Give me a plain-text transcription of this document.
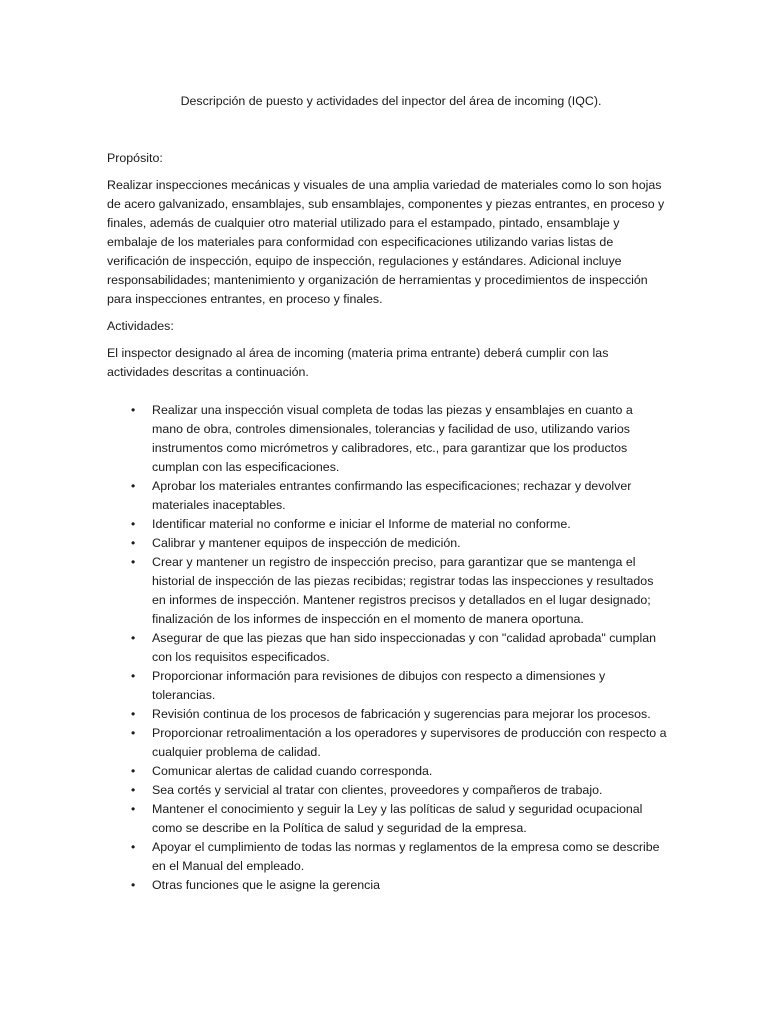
Descripción de puesto y actividades del inpector del área de incoming (IQC).

Propósito:

Realizar inspecciones mecánicas y visuales de una amplia variedad de materiales como lo son hojas de acero galvanizado, ensamblajes, sub ensamblajes, componentes y piezas entrantes, en proceso y finales, además de cualquier otro material utilizado para el estampado, pintado, ensamblaje y embalaje de los materiales para conformidad con especificaciones utilizando varias listas de verificación de inspección, equipo de inspección, regulaciones y estándares. Adicional incluye responsabilidades; mantenimiento y organización de herramientas y procedimientos de inspección para inspecciones entrantes, en proceso y finales.

Actividades:

El inspector designado al área de incoming (materia prima entrante) deberá cumplir con las actividades descritas a continuación.

• Realizar una inspección visual completa de todas las piezas y ensamblajes en cuanto a mano de obra, controles dimensionales, tolerancias y facilidad de uso, utilizando varios instrumentos como micrómetros y calibradores, etc., para garantizar que los productos cumplan con las especificaciones.
• Aprobar los materiales entrantes confirmando las especificaciones; rechazar y devolver materiales inaceptables.
• Identificar material no conforme e iniciar el Informe de material no conforme.
• Calibrar y mantener equipos de inspección de medición.
• Crear y mantener un registro de inspección preciso, para garantizar que se mantenga el historial de inspección de las piezas recibidas; registrar todas las inspecciones y resultados en informes de inspección. Mantener registros precisos y detallados en el lugar designado; finalización de los informes de inspección en el momento de manera oportuna.
• Asegurar de que las piezas que han sido inspeccionadas y con "calidad aprobada" cumplan con los requisitos especificados.
• Proporcionar información para revisiones de dibujos con respecto a dimensiones y tolerancias.
• Revisión continua de los procesos de fabricación y sugerencias para mejorar los procesos.
• Proporcionar retroalimentación a los operadores y supervisores de producción con respecto a cualquier problema de calidad.
• Comunicar alertas de calidad cuando corresponda.
• Sea cortés y servicial al tratar con clientes, proveedores y compañeros de trabajo.
• Mantener el conocimiento y seguir la Ley y las políticas de salud y seguridad ocupacional como se describe en la Política de salud y seguridad de la empresa.
• Apoyar el cumplimiento de todas las normas y reglamentos de la empresa como se describe en el Manual del empleado.
• Otras funciones que le asigne la gerencia
